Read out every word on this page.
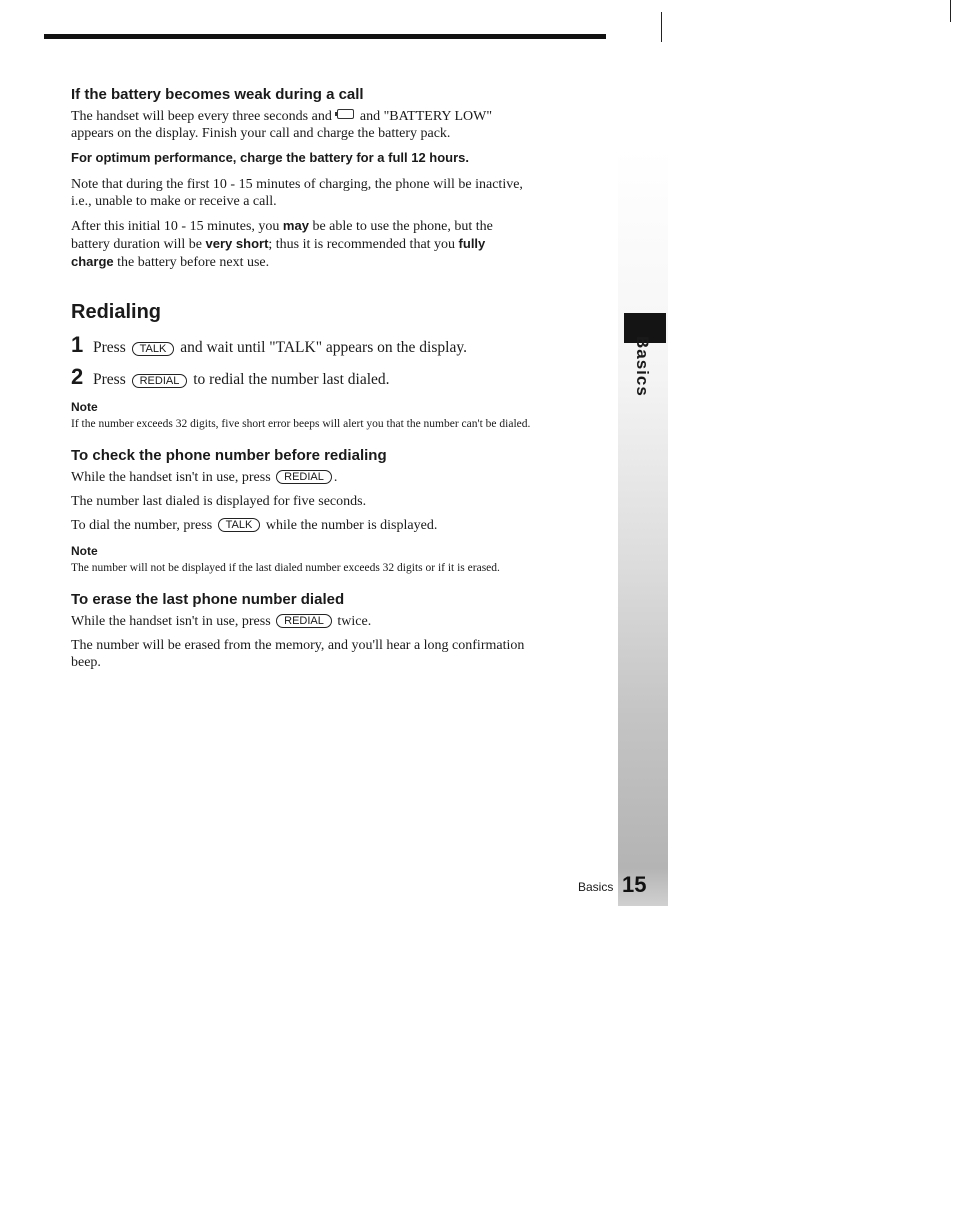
If the battery becomes weak during a call

The handset will beep every three seconds and and "BATTERY LOW" appears on the display. Finish your call and charge the battery pack.

For optimum performance, charge the battery for a full 12 hours.

Note that during the first 10 - 15 minutes of charging, the phone will be inactive, i.e., unable to make or receive a call.

After this initial 10 - 15 minutes, you may be able to use the phone, but the battery duration will be very short; thus it is recommended that you fully charge the battery before next use.

Redialing
1 Press
	TALK
and wait until "TALK" appears on the display.
2 Press
	REDIAL
to redial the number last dialed.
Note
If the number exceeds 32 digits, five short error beeps will alert you that the number can't be dialed.
To check the phone number before redialing

While the handset isn't in use, press REDIAL .

The number last dialed is displayed for five seconds.

To dial the number, press TALK while the number is displayed.

Note
The number will not be displayed if the last dialed number exceeds 32 digits or if it is erased.
To erase the last phone number dialed

While the handset isn't in use, press REDIAL twice.

The number will be erased from the memory, and you'll hear a long confirmation beep.

Basics
Basics 15
